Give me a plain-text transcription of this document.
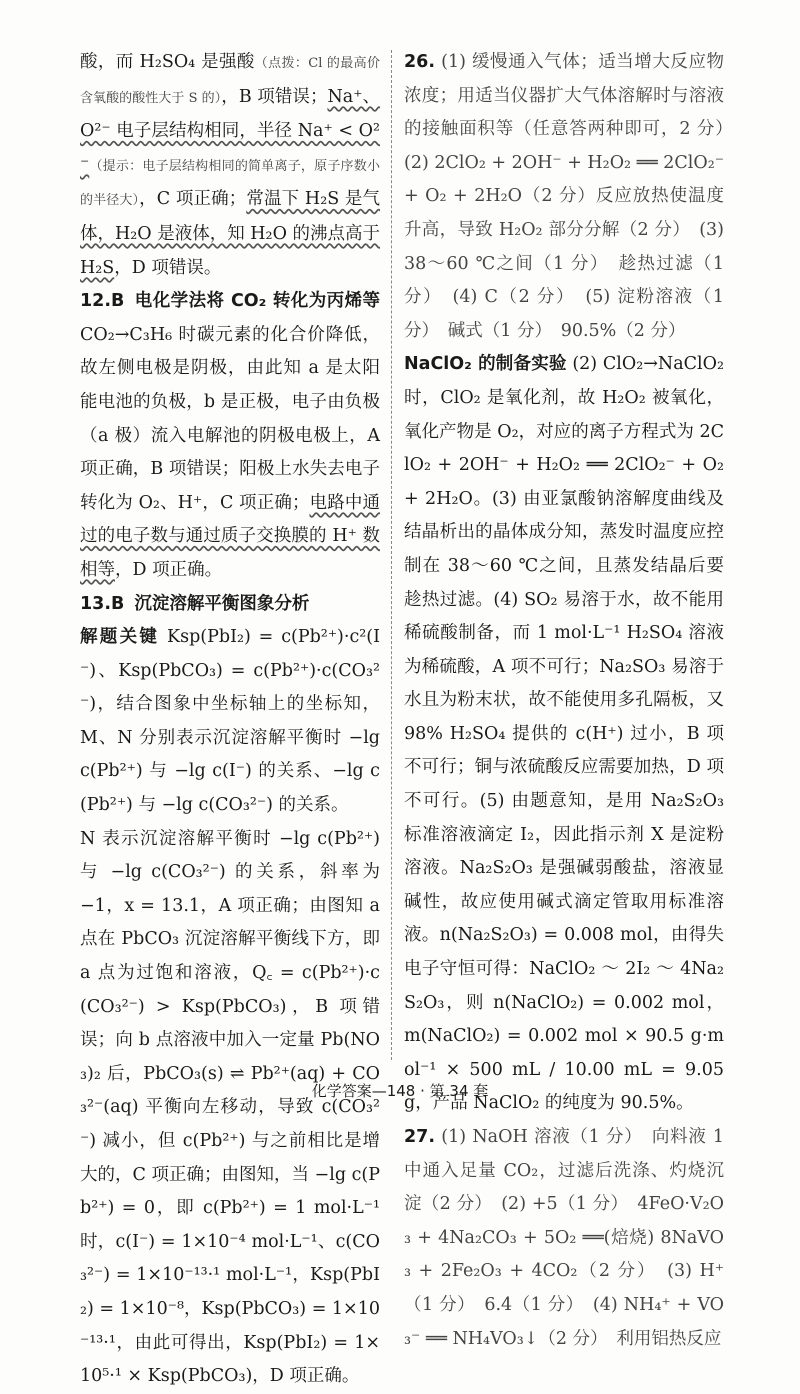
酸，而 H₂SO₄ 是强酸（点拨：Cl 的最高价含氧酸的酸性大于 S 的），B 项错误；Na⁺、O²⁻ 电子层结构相同，半径 Na⁺ < O²⁻（提示：电子层结构相同的简单离子，原子序数小的半径大），C 项正确；常温下 H₂S 是气体，H₂O 是液体，知 H₂O 的沸点高于 H₂S，D 项错误。

12.B 电化学法将 CO₂ 转化为丙烯等 CO₂→C₃H₆ 时碳元素的化合价降低，故左侧电极是阴极，由此知 a 是太阳能电池的负极，b 是正极，电子由负极（a 极）流入电解池的阴极电极上，A 项正确，B 项错误；阳极上水失去电子转化为 O₂、H⁺，C 项正确；电路中通过的电子数与通过质子交换膜的 H⁺ 数相等，D 项正确。

13.B 沉淀溶解平衡图象分析

解题关键 Ksp(PbI₂) = c(Pb²⁺)·c²(I⁻)、Ksp(PbCO₃) = c(Pb²⁺)·c(CO₃²⁻)，结合图象中坐标轴上的坐标知，M、N 分别表示沉淀溶解平衡时 −lg c(Pb²⁺) 与 −lg c(I⁻) 的关系、−lg c(Pb²⁺) 与 −lg c(CO₃²⁻) 的关系。

N 表示沉淀溶解平衡时 −lg c(Pb²⁺) 与 −lg c(CO₃²⁻) 的关系，斜率为 −1，x = 13.1，A 项正确；由图知 a 点在 PbCO₃ 沉淀溶解平衡线下方，即 a 点为过饱和溶液，Q꜀ = c(Pb²⁺)·c(CO₃²⁻) > Ksp(PbCO₃)，B 项错误；向 b 点溶液中加入一定量 Pb(NO₃)₂ 后，PbCO₃(s) ⇌ Pb²⁺(aq) + CO₃²⁻(aq) 平衡向左移动，导致 c(CO₃²⁻) 减小，但 c(Pb²⁺) 与之前相比是增大的，C 项正确；由图知，当 −lg c(Pb²⁺) = 0，即 c(Pb²⁺) = 1 mol·L⁻¹ 时，c(I⁻) = 1×10⁻⁴ mol·L⁻¹、c(CO₃²⁻) = 1×10⁻¹³·¹ mol·L⁻¹，Ksp(PbI₂) = 1×10⁻⁸，Ksp(PbCO₃) = 1×10⁻¹³·¹，由此可得出，Ksp(PbI₂) = 1×10⁵·¹ × Ksp(PbCO₃)，D 项正确。

26. (1) 缓慢通入气体；适当增大反应物浓度；用适当仪器扩大气体溶解时与溶液的接触面积等（任意答两种即可，2 分）　(2) 2ClO₂ + 2OH⁻ + H₂O₂ ══ 2ClO₂⁻ + O₂ + 2H₂O（2 分）反应放热使温度升高，导致 H₂O₂ 部分分解（2 分）　(3) 38～60 ℃之间（1 分）　趁热过滤（1 分）　(4) C（2 分）　(5) 淀粉溶液（1 分）　碱式（1 分）　90.5%（2 分）

NaClO₂ 的制备实验 (2) ClO₂→NaClO₂ 时，ClO₂ 是氧化剂，故 H₂O₂ 被氧化，氧化产物是 O₂，对应的离子方程式为 2ClO₂ + 2OH⁻ + H₂O₂ ══ 2ClO₂⁻ + O₂ + 2H₂O。(3) 由亚氯酸钠溶解度曲线及结晶析出的晶体成分知，蒸发时温度应控制在 38～60 ℃之间，且蒸发结晶后要趁热过滤。(4) SO₂ 易溶于水，故不能用稀硫酸制备，而 1 mol·L⁻¹ H₂SO₄ 溶液为稀硫酸，A 项不可行；Na₂SO₃ 易溶于水且为粉末状，故不能使用多孔隔板，又 98% H₂SO₄ 提供的 c(H⁺) 过小，B 项不可行；铜与浓硫酸反应需要加热，D 项不可行。(5) 由题意知，是用 Na₂S₂O₃ 标准溶液滴定 I₂，因此指示剂 X 是淀粉溶液。Na₂S₂O₃ 是强碱弱酸盐，溶液显碱性，故应使用碱式滴定管取用标准溶液。n(Na₂S₂O₃) = 0.008 mol，由得失电子守恒可得：NaClO₂ ～ 2I₂ ～ 4Na₂S₂O₃，则 n(NaClO₂) = 0.002 mol，m(NaClO₂) = 0.002 mol × 90.5 g·mol⁻¹ × 500 mL / 10.00 mL = 9.05 g，产品 NaClO₂ 的纯度为 90.5%。

27. (1) NaOH 溶液（1 分）　向料液 1 中通入足量 CO₂，过滤后洗涤、灼烧沉淀（2 分）　(2) +5（1 分）　4FeO·V₂O₃ + 4Na₂CO₃ + 5O₂ ══(焙烧) 8NaVO₃ + 2Fe₂O₃ + 4CO₂（2 分）　(3) H⁺（1 分）　6.4（1 分）　(4) NH₄⁺ + VO₃⁻ ══ NH₄VO₃↓（2 分）　利用铝热反应

化学答案—148 · 第 34 套
